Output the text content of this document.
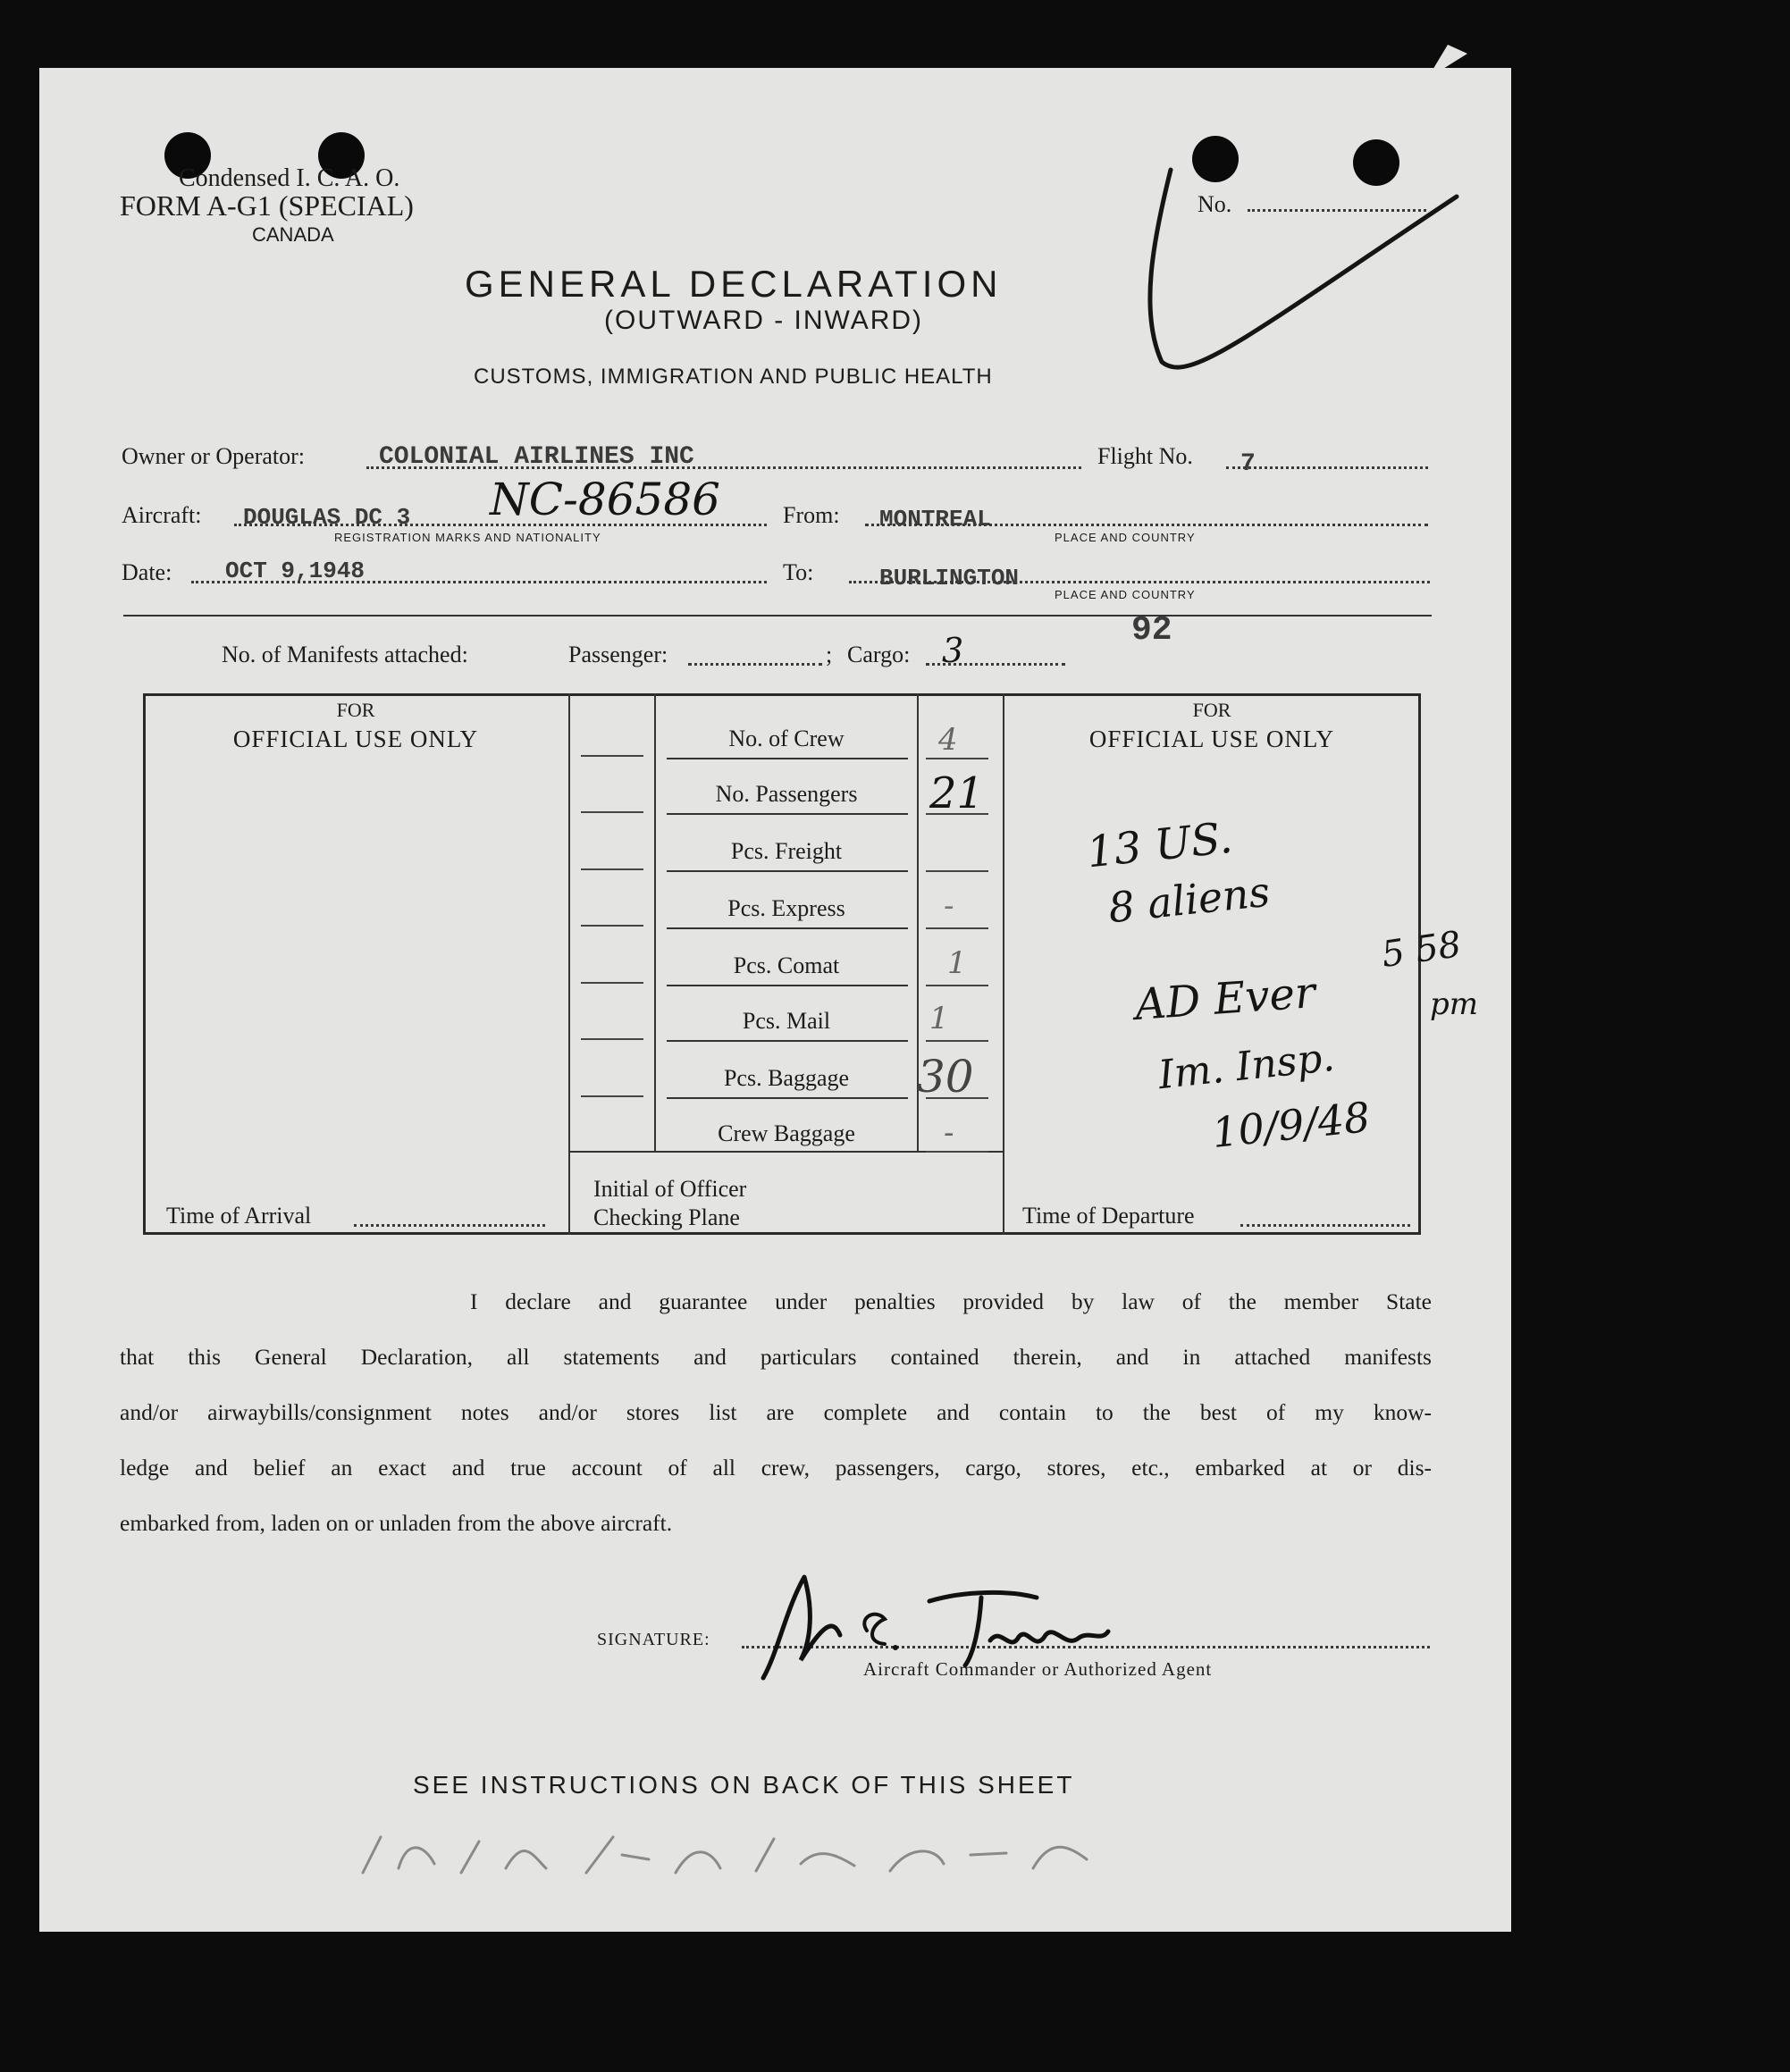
Condensed I. C. A. O.
FORM A-G1 (SPECIAL)
CANADA
No.
GENERAL DECLARATION
(OUTWARD - INWARD)
CUSTOMS, IMMIGRATION AND PUBLIC HEALTH
Owner or Operator:	COLONIAL AIRLINES INC	Flight No. 7
Aircraft: DOUGLAS DC 3 NC-86586
REGISTRATION MARKS AND NATIONALITY
From: MONTREAL
PLACE AND COUNTRY
Date: OCT 9,1948	To:	BURLINGTON
PLACE AND COUNTRY
92
No. of Manifests attached:	Passenger:	; Cargo: 3
FOR
OFFICIAL USE ONLY
FOR
OFFICIAL USE ONLY
No. of Crew	4
No. Passengers	21
Pcs. Freight
Pcs. Express	-
Pcs. Comat	1
Pcs. Mail	1
Pcs. Baggage	30
Crew Baggage	-
Time of Arrival
Initial of Officer
Checking Plane	Time of Departure
13 US.
8 aliens
AD Ever
5 58
pm
Im. Insp.
10/9/48
I declare and guarantee under penalties provided by law of the member State
that this General Declaration, all statements and particulars contained therein, and in attached manifests
and/or airwaybills/consignment notes and/or stores list are complete and contain to the best of my know-
ledge and belief an exact and true account of all crew, passengers, cargo, stores, etc., embarked at or dis-
embarked from, laden on or unladen from the above aircraft.
SIGNATURE:
Aircraft Commander or Authorized Agent
SEE INSTRUCTIONS ON BACK OF THIS SHEET
